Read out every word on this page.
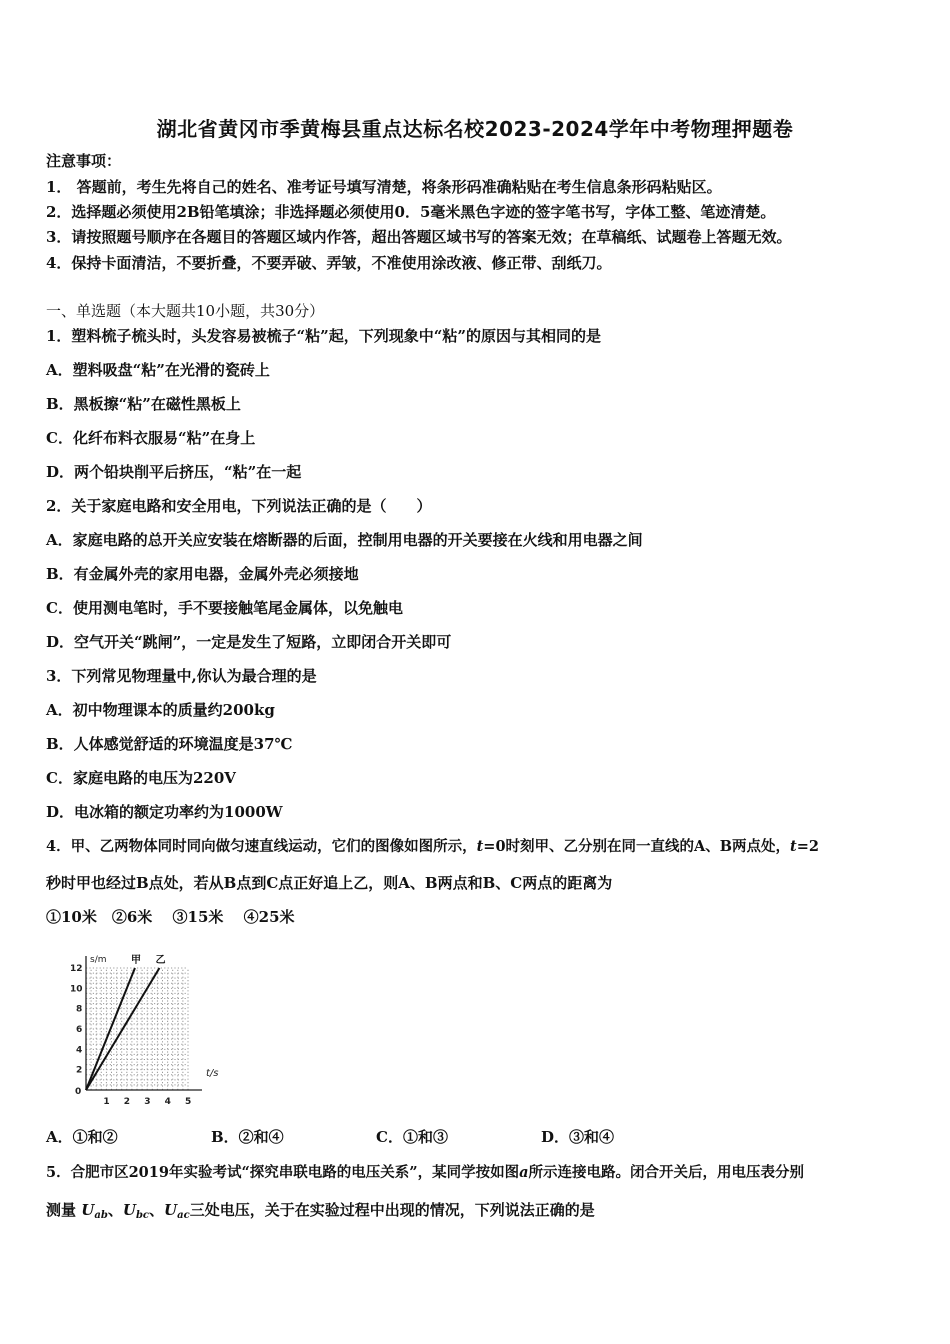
湖北省黄冈市季黄梅县重点达标名校2023-2024学年中考物理押题卷
注意事项：
1． 答题前，考生先将自己的姓名、准考证号填写清楚，将条形码准确粘贴在考生信息条形码粘贴区。
2．选择题必须使用2B铅笔填涂；非选择题必须使用0．5毫米黑色字迹的签字笔书写，字体工整、笔迹清楚。
3．请按照题号顺序在各题目的答题区域内作答，超出答题区域书写的答案无效；在草稿纸、试题卷上答题无效。
4．保持卡面清洁，不要折叠，不要弄破、弄皱，不准使用涂改液、修正带、刮纸刀。
一、单选题（本大题共10小题，共30分）
1．塑料梳子梳头时，头发容易被梳子“粘”起，下列现象中“粘”的原因与其相同的是
A．塑料吸盘“粘”在光滑的瓷砖上
B．黑板擦“粘”在磁性黑板上
C．化纤布料衣服易“粘”在身上
D．两个铅块削平后挤压，“粘”在一起
2．关于家庭电路和安全用电，下列说法正确的是（　　）
A．家庭电路的总开关应安装在熔断器的后面，控制用电器的开关要接在火线和用电器之间
B．有金属外壳的家用电器，金属外壳必须接地
C．使用测电笔时，手不要接触笔尾金属体，以免触电
D．空气开关“跳闸”，一定是发生了短路，立即闭合开关即可
3．下列常见物理量中,你认为最合理的是
A．初中物理课本的质量约200kg
B．人体感觉舒适的环境温度是37℃
C．家庭电路的电压为220V
D．电冰箱的额定功率约为1000W
4．甲、乙两物体同时同向做匀速直线运动，它们的图像如图所示，t=0时刻甲、乙分别在同一直线的A、B两点处，t=2
秒时甲也经过B点处，若从B点到C点正好追上乙，则A、B两点和B、C两点的距离为
①10米　②6米　 ③15米　 ④25米
s/m
t/s
0
1 2 3 4 5
2
4
6
8
10
12
甲 乙
A．①和②	B．②和④	C．①和③	D．③和④
5．合肥市区2019年实验考试“探究串联电路的电压关系”，某同学按如图a所示连接电路。闭合开关后，用电压表分别
测量 $U_{ab}$、$U_{bc}$、$U_{ac}$三处电压，关于在实验过程中出现的情况，下列说法正确的是
